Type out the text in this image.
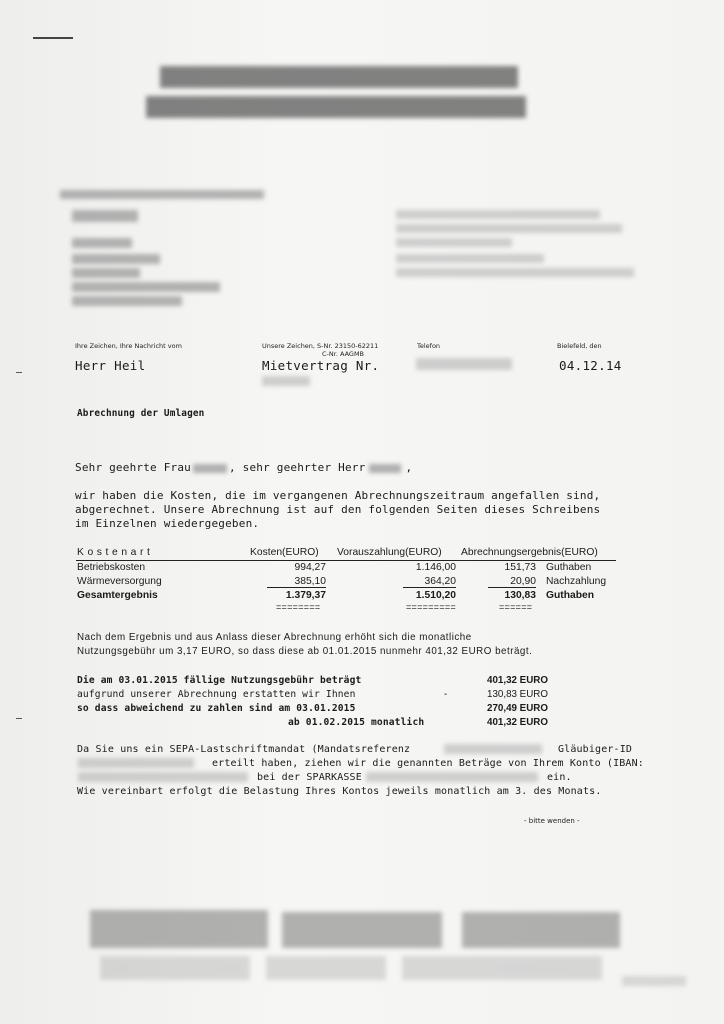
Ihre Zeichen, Ihre Nachricht vom	Unsere Zeichen, S-Nr. 23150-62211
C-Nr. AAGMB
Telefon	Bielefeld, den
Herr Heil	Mietvertrag Nr.	04.12.14
Abrechnung der Umlagen
Sehr geehrte Frau	, sehr geehrter Herr	,
wir haben die Kosten, die im vergangenen Abrechnungszeitraum angefallen sind,
abgerechnet. Unsere Abrechnung ist auf den folgenden Seiten dieses Schreibens
im Einzelnen wiedergegeben.
Kostenart	Kosten(EURO) Vorauszahlung(EURO) Abrechnungsergebnis(EURO)
Betriebskosten	994,27	1.146,00	151,73 Guthaben
Wärmeversorgung	385,10	364,20	20,90 Nachzahlung
Gesamtergebnis	1.379,37	1.510,20	130,83 Guthaben
========	=========	======
Nach dem Ergebnis und aus Anlass dieser Abrechnung erhöht sich die monatliche
Nutzungsgebühr um 3,17 EURO, so dass diese ab 01.01.2015 nunmehr 401,32 EURO beträgt.
Die am 03.01.2015 fällige Nutzungsgebühr beträgt	401,32 EURO
aufgrund unserer Abrechnung erstatten wir Ihnen	-	130,83 EURO
so dass abweichend zu zahlen sind am 03.01.2015	270,49 EURO
ab 01.02.2015 monatlich	401,32 EURO
Da Sie uns ein SEPA-Lastschriftmandat (Mandatsreferenz	Gläubiger-ID
erteilt haben, ziehen wir die genannten Beträge von Ihrem Konto (IBAN:
bei der SPARKASSE	ein.
Wie vereinbart erfolgt die Belastung Ihres Kontos jeweils monatlich am 3. des Monats.
- bitte wenden -
